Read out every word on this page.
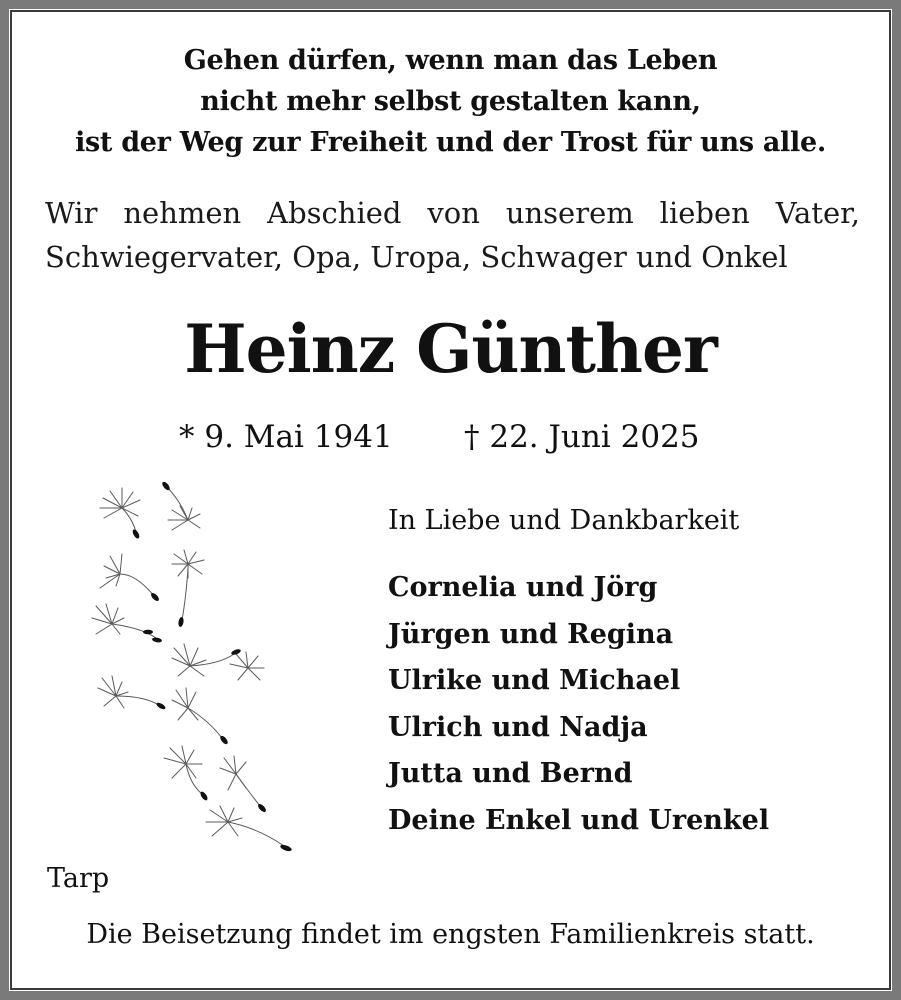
Gehen dürfen, wenn man das Leben
nicht mehr selbst gestalten kann,
ist der Weg zur Freiheit und der Trost für uns alle.
Wir nehmen Abschied von unserem lieben Vater,
Schwiegervater, Opa, Uropa, Schwager und Onkel
Heinz Günther
* 9. Mai 1941 † 22. Juni 2025
In Liebe und Dankbarkeit
Cornelia und Jörg
Jürgen und Regina
Ulrike und Michael
Ulrich und Nadja
Jutta und Bernd
Deine Enkel und Urenkel
Tarp
Die Beisetzung findet im engsten Familienkreis statt.
